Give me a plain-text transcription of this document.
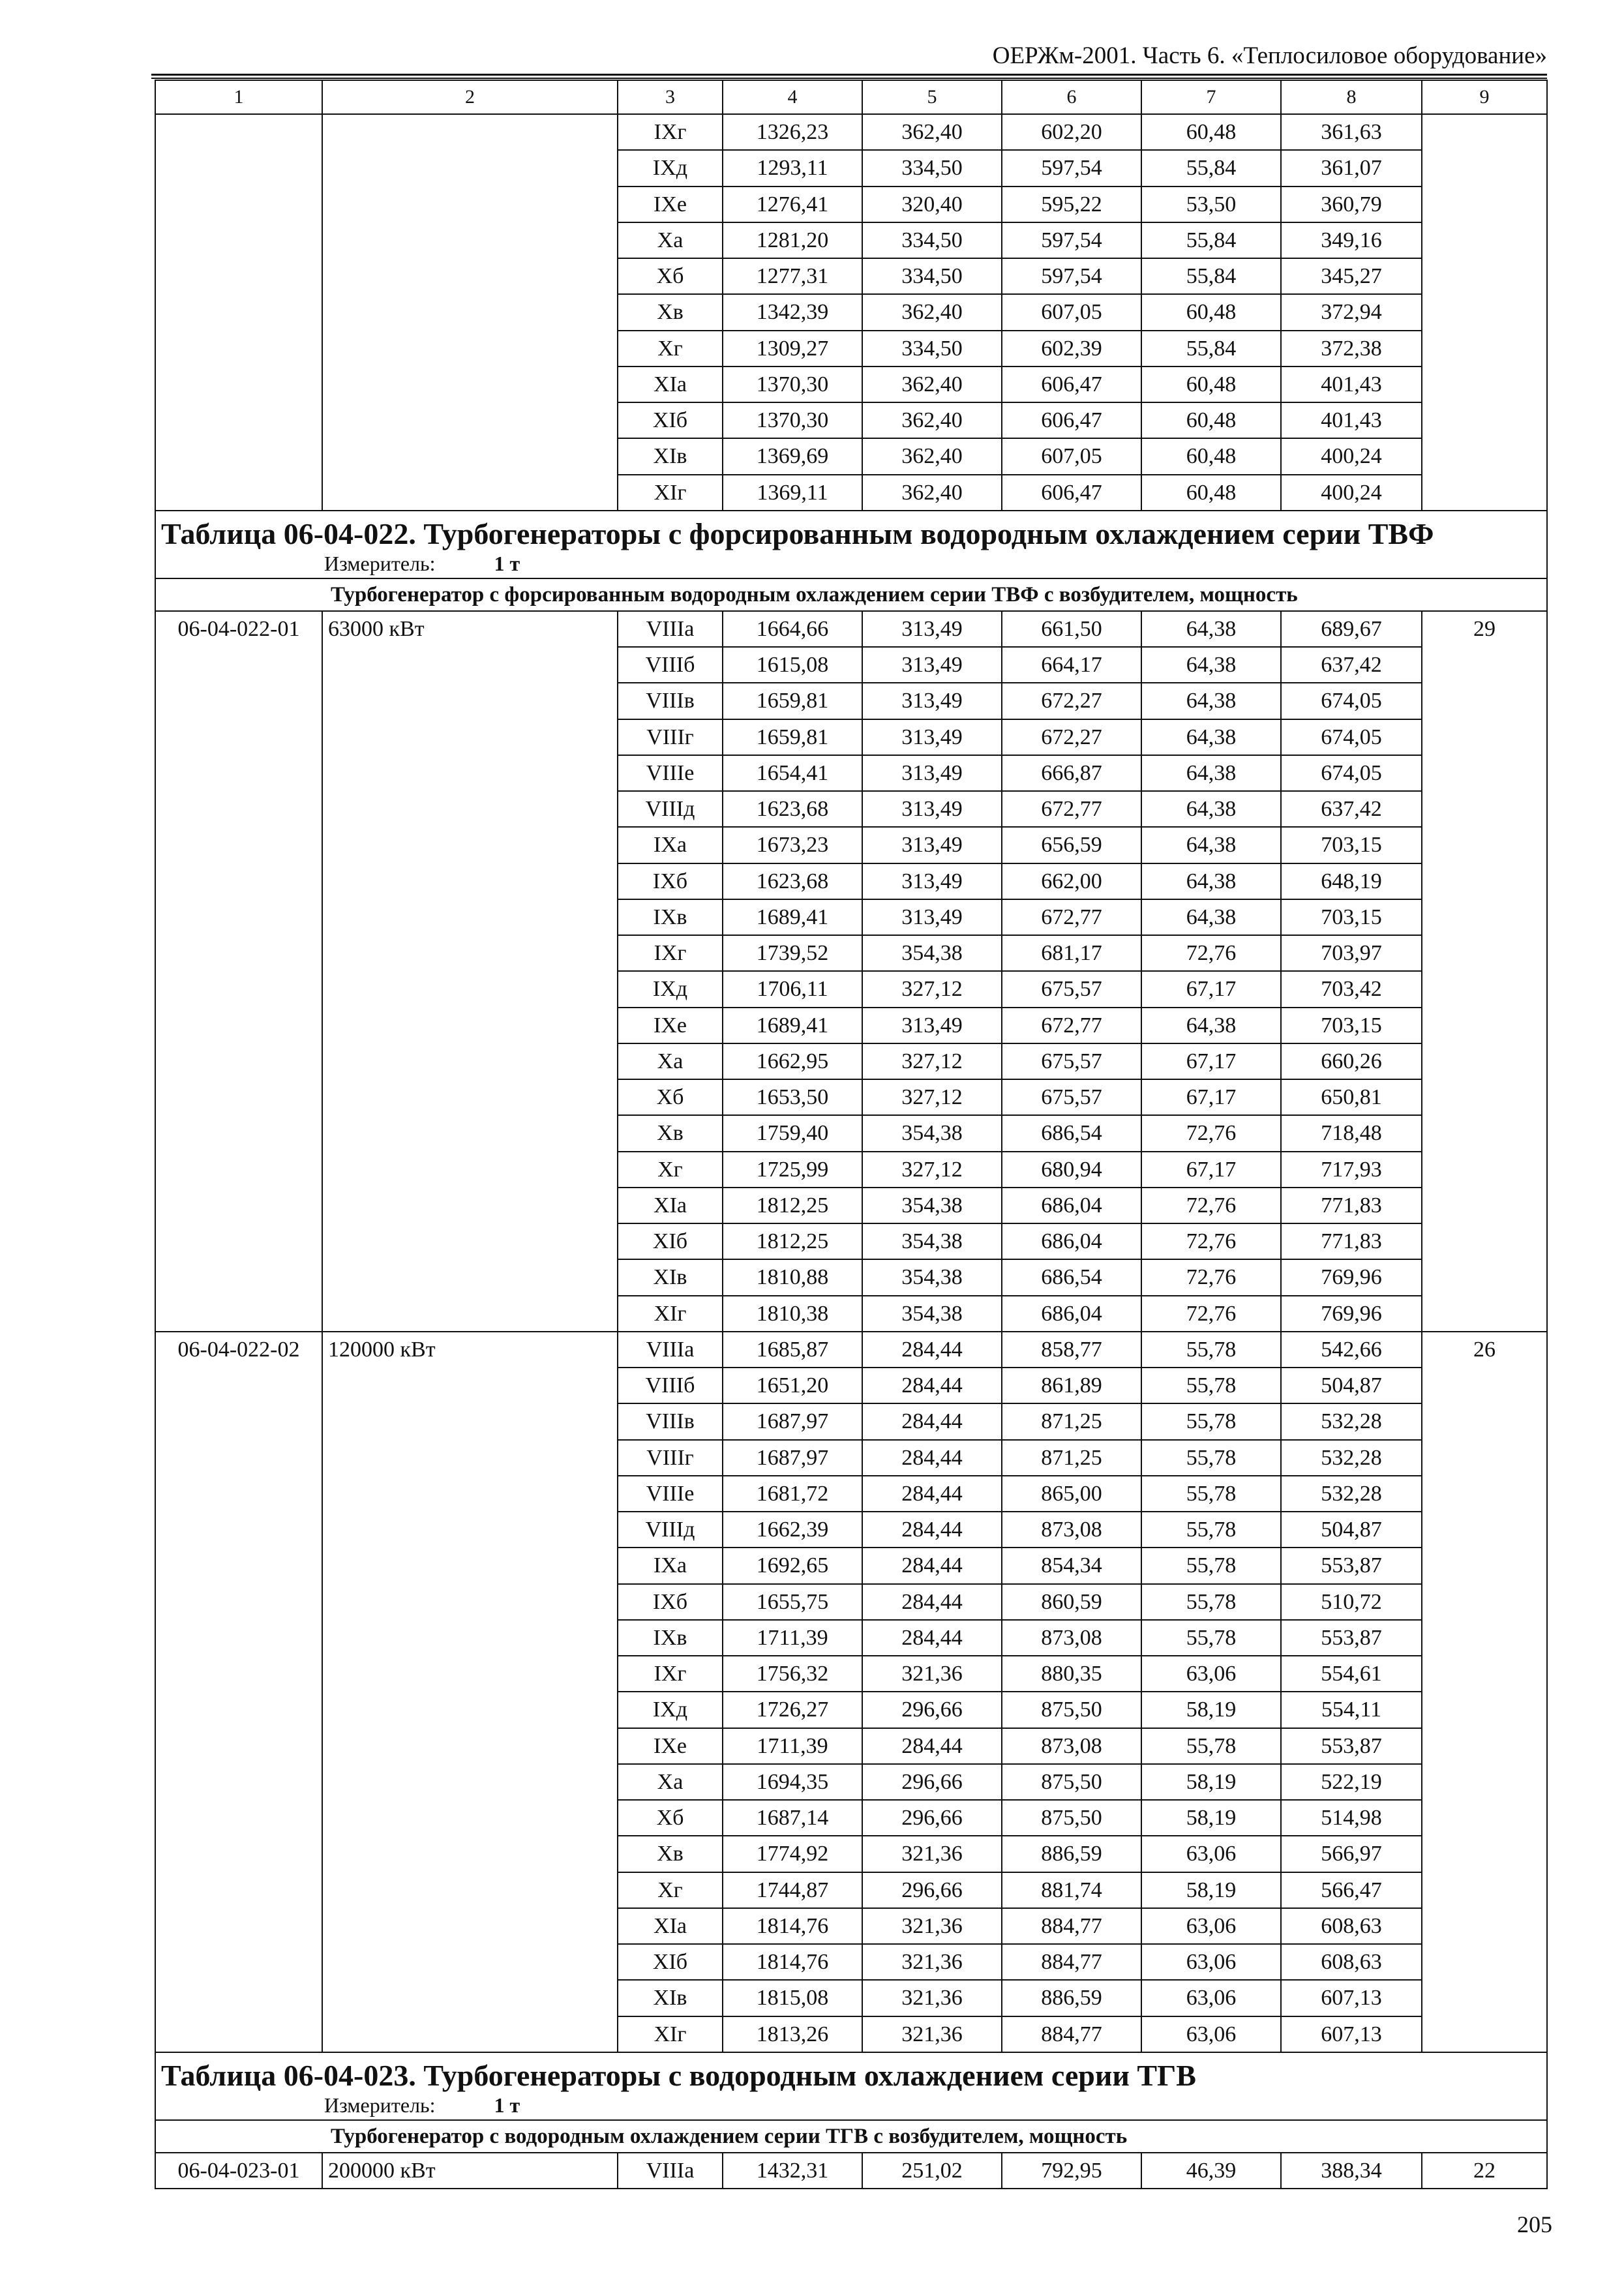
ОЕРЖм-2001. Часть 6. «Теплосиловое оборудование»
1	2	3	4	5	6	7	8	9
		IXг	1326,23	362,40	602,20	60,48	361,63	
		IXд	1293,11	334,50	597,54	55,84	361,07	
		IXe	1276,41	320,40	595,22	53,50	360,79	
		Xa	1281,20	334,50	597,54	55,84	349,16	
		Xб	1277,31	334,50	597,54	55,84	345,27	
		Xв	1342,39	362,40	607,05	60,48	372,94	
		Xг	1309,27	334,50	602,39	55,84	372,38	
		XIa	1370,30	362,40	606,47	60,48	401,43	
		XIб	1370,30	362,40	606,47	60,48	401,43	
		XIв	1369,69	362,40	607,05	60,48	400,24	
		XIг	1369,11	362,40	606,47	60,48	400,24	
Таблица 06-04-022. Турбогенераторы с форсированным водородным охлаждением серии ТВФ								
Измеритель: 1 т								
Турбогенератор с форсированным водородным охлаждением серии ТВФ с возбудителем, мощность								
06-04-022-01	63000 кВт	VIIIa	1664,66	313,49	661,50	64,38	689,67	29
		VIIIб	1615,08	313,49	664,17	64,38	637,42	
		VIIIв	1659,81	313,49	672,27	64,38	674,05	
		VIIIг	1659,81	313,49	672,27	64,38	674,05	
		VIIIe	1654,41	313,49	666,87	64,38	674,05	
		VIIIд	1623,68	313,49	672,77	64,38	637,42	
		IXa	1673,23	313,49	656,59	64,38	703,15	
		IXб	1623,68	313,49	662,00	64,38	648,19	
		IXв	1689,41	313,49	672,77	64,38	703,15	
		IXг	1739,52	354,38	681,17	72,76	703,97	
		IXд	1706,11	327,12	675,57	67,17	703,42	
		IXe	1689,41	313,49	672,77	64,38	703,15	
		Xa	1662,95	327,12	675,57	67,17	660,26	
		Xб	1653,50	327,12	675,57	67,17	650,81	
		Xв	1759,40	354,38	686,54	72,76	718,48	
		Xг	1725,99	327,12	680,94	67,17	717,93	
		XIa	1812,25	354,38	686,04	72,76	771,83	
		XIб	1812,25	354,38	686,04	72,76	771,83	
		XIв	1810,88	354,38	686,54	72,76	769,96	
		XIг	1810,38	354,38	686,04	72,76	769,96	
06-04-022-02	120000 кВт	VIIIa	1685,87	284,44	858,77	55,78	542,66	26
		VIIIб	1651,20	284,44	861,89	55,78	504,87	
		VIIIв	1687,97	284,44	871,25	55,78	532,28	
		VIIIг	1687,97	284,44	871,25	55,78	532,28	
		VIIIe	1681,72	284,44	865,00	55,78	532,28	
		VIIIд	1662,39	284,44	873,08	55,78	504,87	
		IXa	1692,65	284,44	854,34	55,78	553,87	
		IXб	1655,75	284,44	860,59	55,78	510,72	
		IXв	1711,39	284,44	873,08	55,78	553,87	
		IXг	1756,32	321,36	880,35	63,06	554,61	
		IXд	1726,27	296,66	875,50	58,19	554,11	
		IXe	1711,39	284,44	873,08	55,78	553,87	
		Xa	1694,35	296,66	875,50	58,19	522,19	
		Xб	1687,14	296,66	875,50	58,19	514,98	
		Xв	1774,92	321,36	886,59	63,06	566,97	
		Xг	1744,87	296,66	881,74	58,19	566,47	
		XIa	1814,76	321,36	884,77	63,06	608,63	
		XIб	1814,76	321,36	884,77	63,06	608,63	
		XIв	1815,08	321,36	886,59	63,06	607,13	
		XIг	1813,26	321,36	884,77	63,06	607,13	
Таблица 06-04-023. Турбогенераторы с водородным охлаждением серии ТГВ								
Измеритель: 1 т								
Турбогенератор с водородным охлаждением серии ТГВ с возбудителем, мощность								
06-04-023-01	200000 кВт	VIIIa	1432,31	251,02	792,95	46,39	388,34	22
205
